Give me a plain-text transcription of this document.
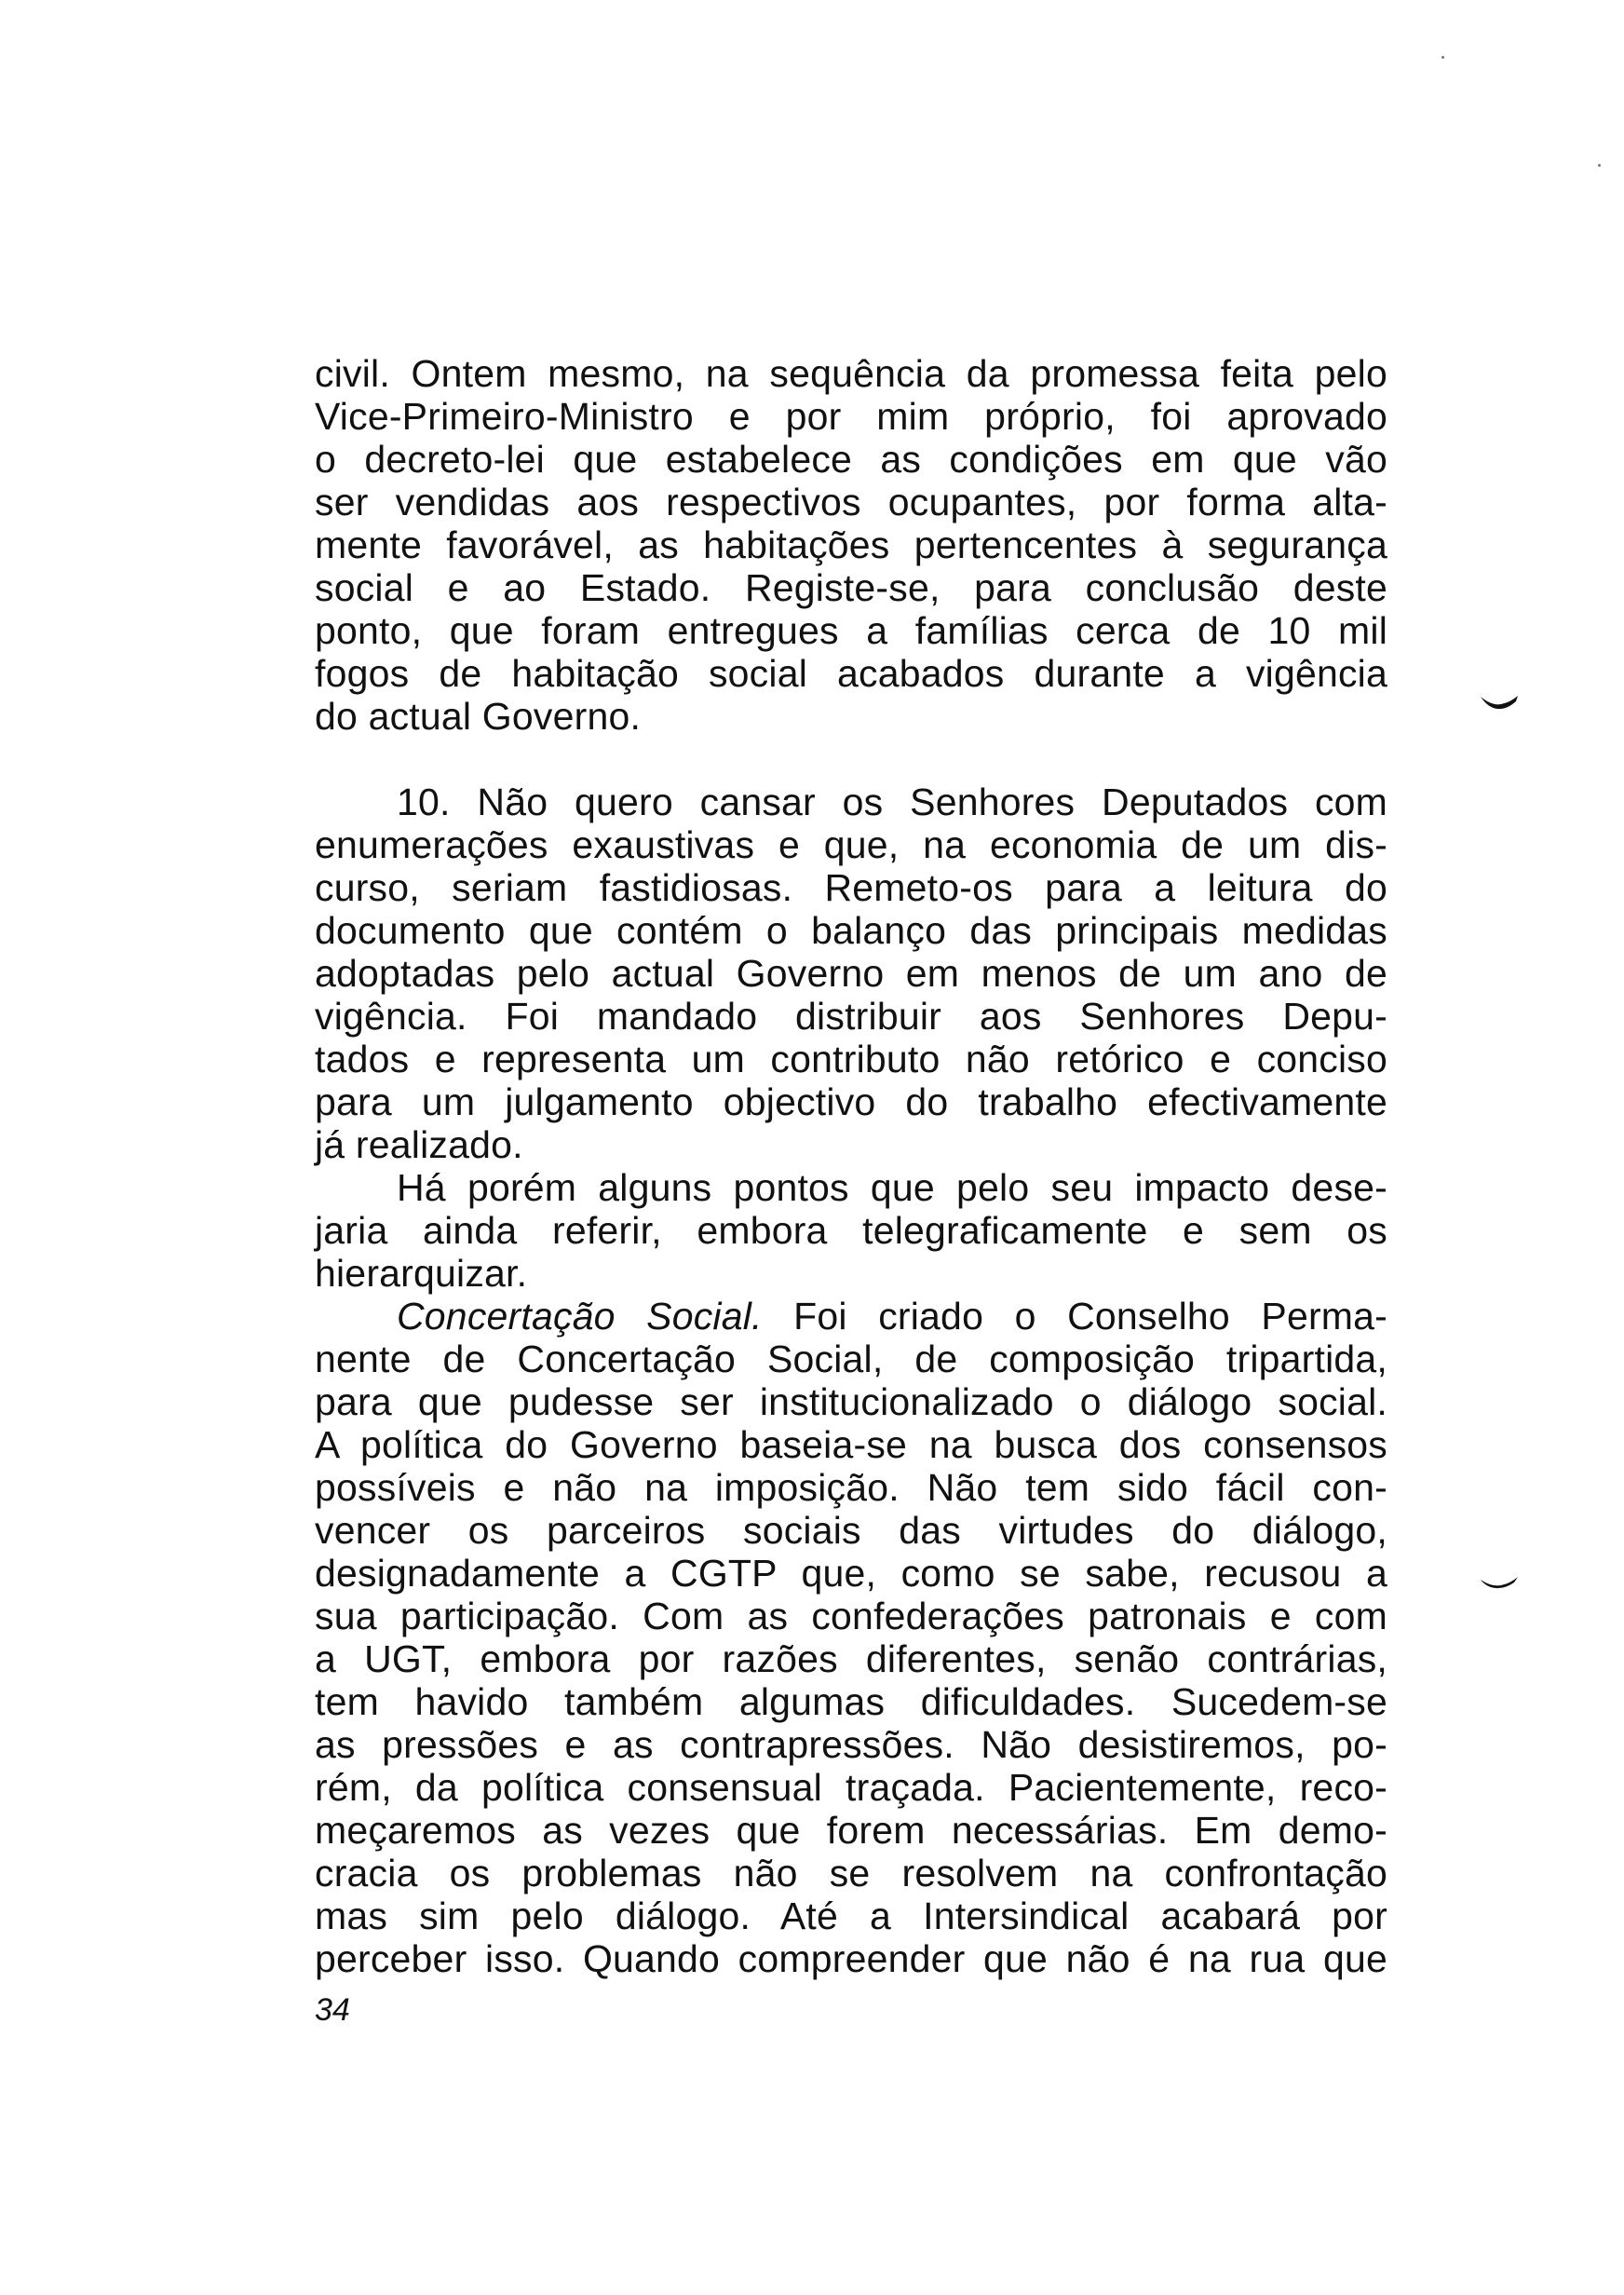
civil. Ontem mesmo, na sequência da promessa feita pelo
Vice-Primeiro-Ministro e por mim próprio, foi aprovado
o decreto-lei que estabelece as condições em que vão
ser vendidas aos respectivos ocupantes, por forma alta-
mente favorável, as habitações pertencentes à segurança
social e ao Estado. Registe-se, para conclusão deste
ponto, que foram entregues a famílias cerca de 10 mil
fogos de habitação social acabados durante a vigência
do actual Governo.
10. Não quero cansar os Senhores Deputados com
enumerações exaustivas e que, na economia de um dis-
curso, seriam fastidiosas. Remeto-os para a leitura do
documento que contém o balanço das principais medidas
adoptadas pelo actual Governo em menos de um ano de
vigência. Foi mandado distribuir aos Senhores Depu-
tados e representa um contributo não retórico e conciso
para um julgamento objectivo do trabalho efectivamente
já realizado.
Há porém alguns pontos que pelo seu impacto dese-
jaria ainda referir, embora telegraficamente e sem os
hierarquizar.
Concertação Social. Foi criado o Conselho Perma-
nente de Concertação Social, de composição tripartida,
para que pudesse ser institucionalizado o diálogo social.
A política do Governo baseia-se na busca dos consensos
possíveis e não na imposição. Não tem sido fácil con-
vencer os parceiros sociais das virtudes do diálogo,
designadamente a CGTP que, como se sabe, recusou a
sua participação. Com as confederações patronais e com
a UGT, embora por razões diferentes, senão contrárias,
tem havido também algumas dificuldades. Sucedem-se
as pressões e as contrapressões. Não desistiremos, po-
rém, da política consensual traçada. Pacientemente, reco-
meçaremos as vezes que forem necessárias. Em demo-
cracia os problemas não se resolvem na confrontação
mas sim pelo diálogo. Até a Intersindical acabará por
perceber isso. Quando compreender que não é na rua que
34
